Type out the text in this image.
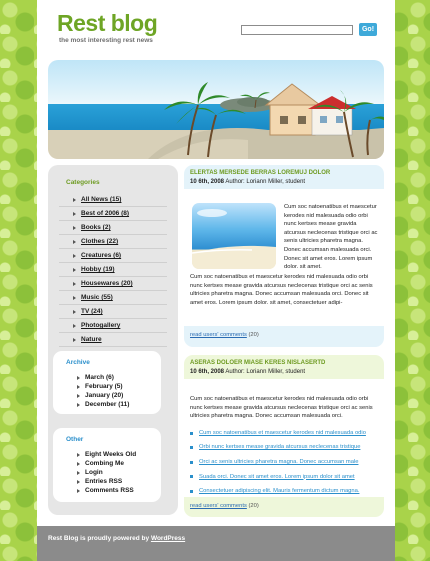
Rest blog
the most interesting rest news
Go!
Categories
All News (15)
Best of 2006 (8)
Books (2)
Clothes (22)
Creatures (6)
Hobby (19)
Housewares (20)
Music (55)
TV (24)
Photogallery
Nature
Archive
March (6)
February (5)
January (20)
December (11)
Other
Eight Weeks Old
Combing Me
Login
Entries RSS
Comments RSS
ELERTAS MERSEDE BERRAS LOREMUJ DOLOR
10 6th, 2008 Author: Loriann Miller, student
Cum soc natoenatibus et maescetur kerodes nid malesuada odio orbi nunc kertses mease gravida atcursus neclecenas tristique orci ac senis ultricies pharetra magna. Donec accumsan malesuada orci. Donec sit amet eros. Lorem ipsum dolor. sit amet.
Cum soc natoenatibus et maescetur kerodes nid malesuada odio orbi nunc kertses mease gravida atcursus neclecenas tristique orci ac senis ultricies pharetra magna. Donec accumsan malesuada orci. Donec sit amet eros. Lorem ipsum dolor. sit amet, consectetuer adipi-
read users' comments (20)
ASERAS DOLOER MIASE KERES NISLASERTD
10 6th, 2008 Author: Loriann Miller, student
Cum soc natoenatibus et maescetur kerodes nid malesuada odio orbi nunc kertses mease gravida atcursus neclecenas tristique orci ac senis ultricies pharetra magna. Donec accumsan malesuada orci.
Cum soc natoenatibus et maescetur kerodes nid malesuada odio
Orbi nunc kertses mease gravida atcursus neclecenas tristique
Orci ac senis ultricies pharetra magna. Donec accumsan male
Suada orci. Donec sit amet eros. Lorem ipsum dolor sit amet
Consectetuer adipiscing elit. Mauris fermentum dictum magna.
read users' comments (20)
Rest Blog is proudly powered by WordPress
